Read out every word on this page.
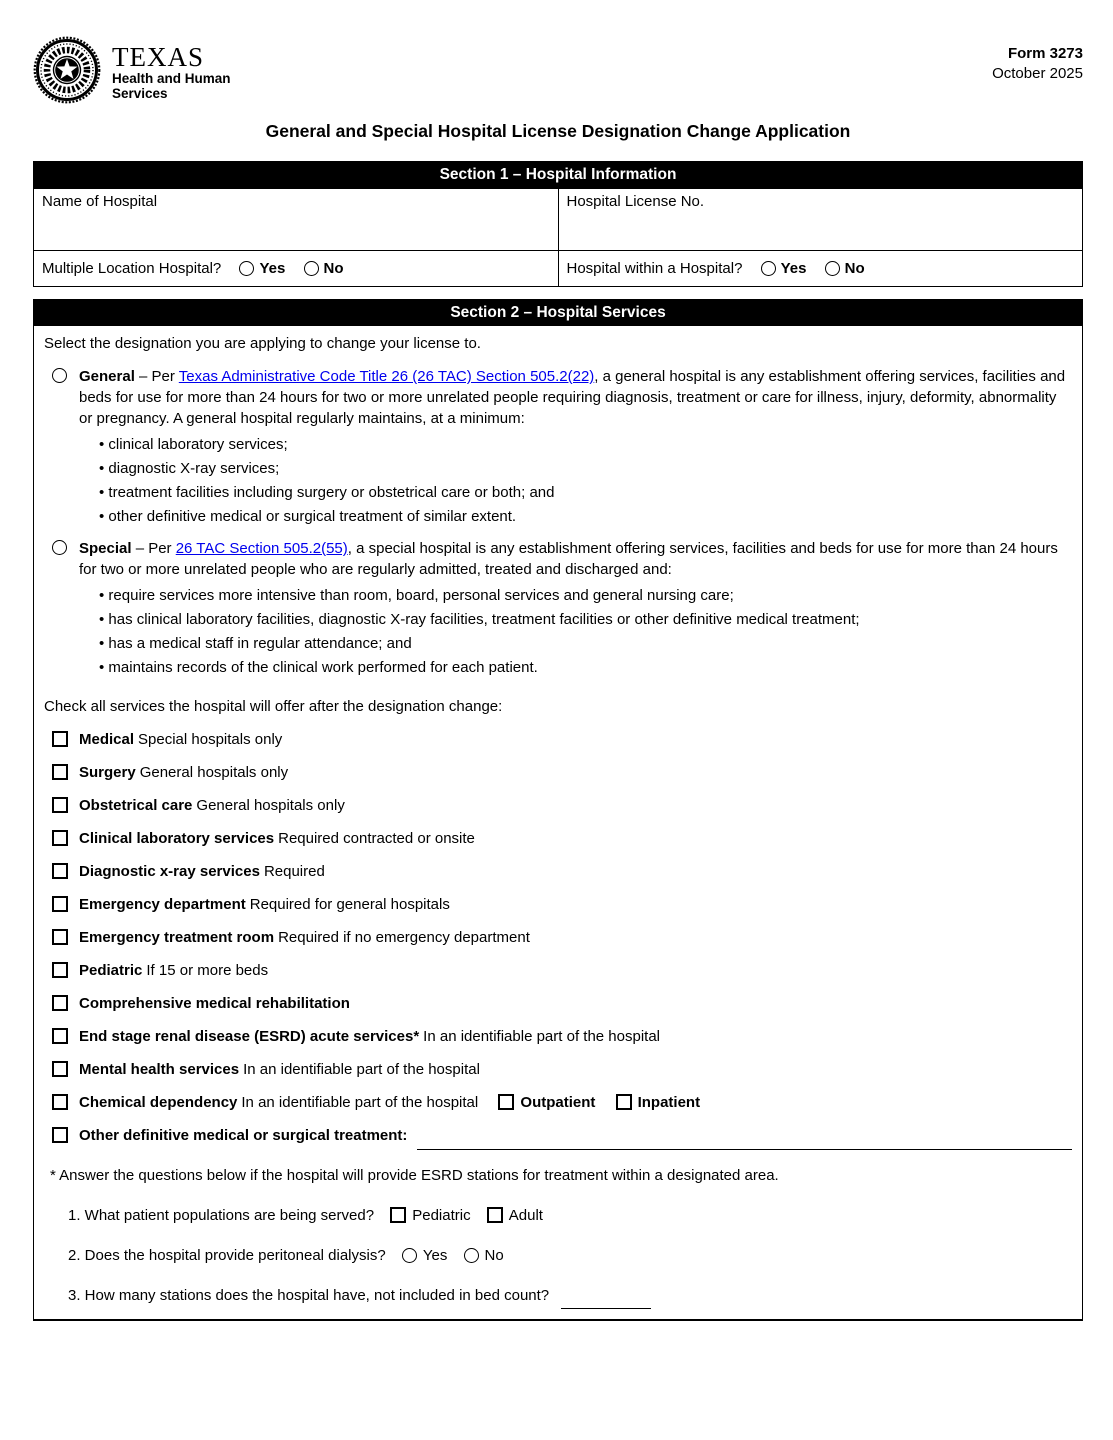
TEXAS
Health and Human
Services
Form 3273
October 2025
General and Special Hospital License Designation Change Application
Section 1 – Hospital Information
Name of Hospital	Hospital License No.

Multiple Location Hospital? Yes No	Hospital within a Hospital? Yes No
Section 2 – Hospital Services
Select the designation you are applying to change your license to.
General – Per Texas Administrative Code Title 26 (26 TAC) Section 505.2(22), a general hospital is any establishment offering services, facilities and beds for use for more than 24 hours for two or more unrelated people requiring diagnosis, treatment or care for illness, injury, deformity, abnormality or pregnancy. A general hospital regularly maintains, at a minimum:
• clinical laboratory services;
• diagnostic X-ray services;
• treatment facilities including surgery or obstetrical care or both; and
• other definitive medical or surgical treatment of similar extent.
Special – Per 26 TAC Section 505.2(55), a special hospital is any establishment offering services, facilities and beds for use for more than 24 hours for two or more unrelated people who are regularly admitted, treated and discharged and:
• require services more intensive than room, board, personal services and general nursing care;
• has clinical laboratory facilities, diagnostic X-ray facilities, treatment facilities or other definitive medical treatment;
• has a medical staff in regular attendance; and
• maintains records of the clinical work performed for each patient.
Check all services the hospital will offer after the designation change:
Medical Special hospitals only
Surgery General hospitals only
Obstetrical care General hospitals only
Clinical laboratory services Required contracted or onsite
Diagnostic x-ray services Required
Emergency department Required for general hospitals
Emergency treatment room Required if no emergency department
Pediatric If 15 or more beds
Comprehensive medical rehabilitation
End stage renal disease (ESRD) acute services* In an identifiable part of the hospital
Mental health services In an identifiable part of the hospital
Chemical dependency In an identifiable part of the hospital	Outpatient	Inpatient
Other definitive medical or surgical treatment:
* Answer the questions below if the hospital will provide ESRD stations for treatment within a designated area.
1. What patient populations are being served?	Pediatric	Adult
2. Does the hospital provide peritoneal dialysis? Yes No
3. How many stations does the hospital have, not included in bed count?
